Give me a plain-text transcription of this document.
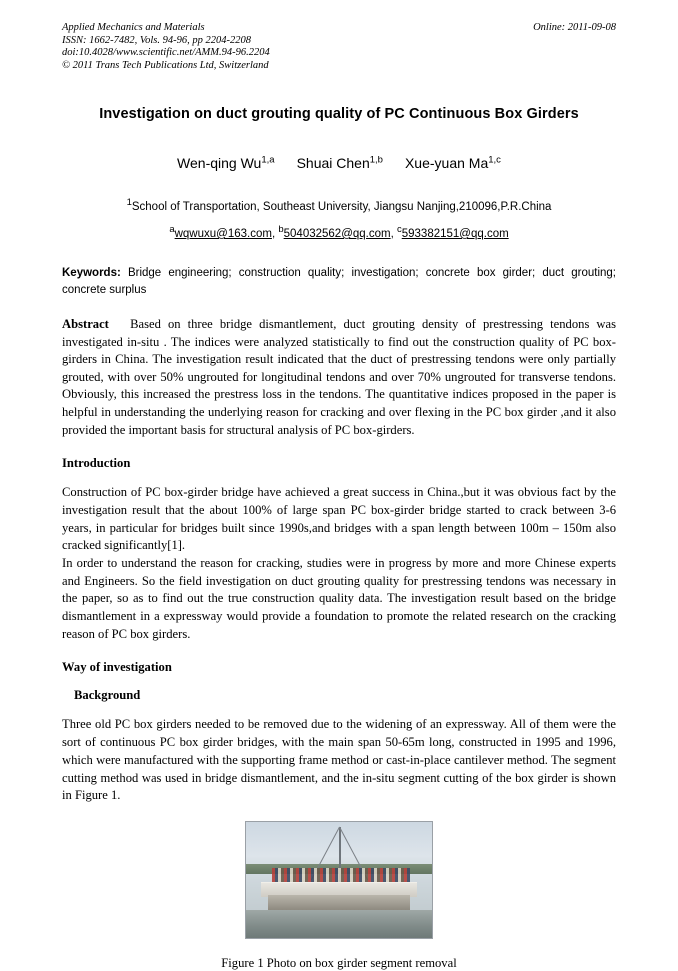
Applied Mechanics and Materials
ISSN: 1662-7482, Vols. 94-96, pp 2204-2208
doi:10.4028/www.scientific.net/AMM.94-96.2204
© 2011 Trans Tech Publications Ltd, Switzerland
Online: 2011-09-08
Investigation on duct grouting quality of PC Continuous Box Girders
Wen-qing Wu$^{1,a}$ Shuai Chen$^{1,b}$ Xue-yuan Ma$^{1,c}$
$^1$School of Transportation, Southeast University, Jiangsu Nanjing,210096,P.R.China
$^a$wqwuxu@163.com, $^b$504032562@qq.com, $^c$593382151@qq.com
Keywords: Bridge engineering; construction quality; investigation; concrete box girder; duct grouting; concrete surplus
Abstract Based on three bridge dismantlement, duct grouting density of prestressing tendons was investigated in-situ . The indices were analyzed statistically to find out the construction quality of PC box-girders in China. The investigation result indicated that the duct of prestressing tendons were only partially grouted, with over 50% ungrouted for longitudinal tendons and over 70% ungrouted for transverse tendons. Obviously, this increased the prestress loss in the tendons. The quantitative indices proposed in the paper is helpful in understanding the underlying reason for cracking and over flexing in the PC box girder ,and it also provided the important basis for structural analysis of PC box-girders.
Introduction
Construction of PC box-girder bridge have achieved a great success in China.,but it was obvious fact by the investigation result that the about 100% of large span PC box-girder bridge started to crack between 3-6 years, in particular for bridges built since 1990s,and bridges with a span length between 100m – 150m also cracked significantly[1].
In order to understand the reason for cracking, studies were in progress by more and more Chinese experts and Engineers. So the field investigation on duct grouting quality for prestressing tendons was necessary in the paper, so as to find out the true construction quality data. The investigation result based on the bridge dismantlement in a expressway would provide a foundation to promote the related research on the cracking reason of PC box girders.
Way of investigation
Background
Three old PC box girders needed to be removed due to the widening of an expressway. All of them were the sort of continuous PC box girder bridges, with the main span 50-65m long, constructed in 1995 and 1996, which were manufactured with the supporting frame method or cast-in-place cantilever method. The segment cutting method was used in bridge dismantlement, and the in-situ segment cutting of the box girder is shown in Figure 1.
Figure 1 Photo on box girder segment removal
